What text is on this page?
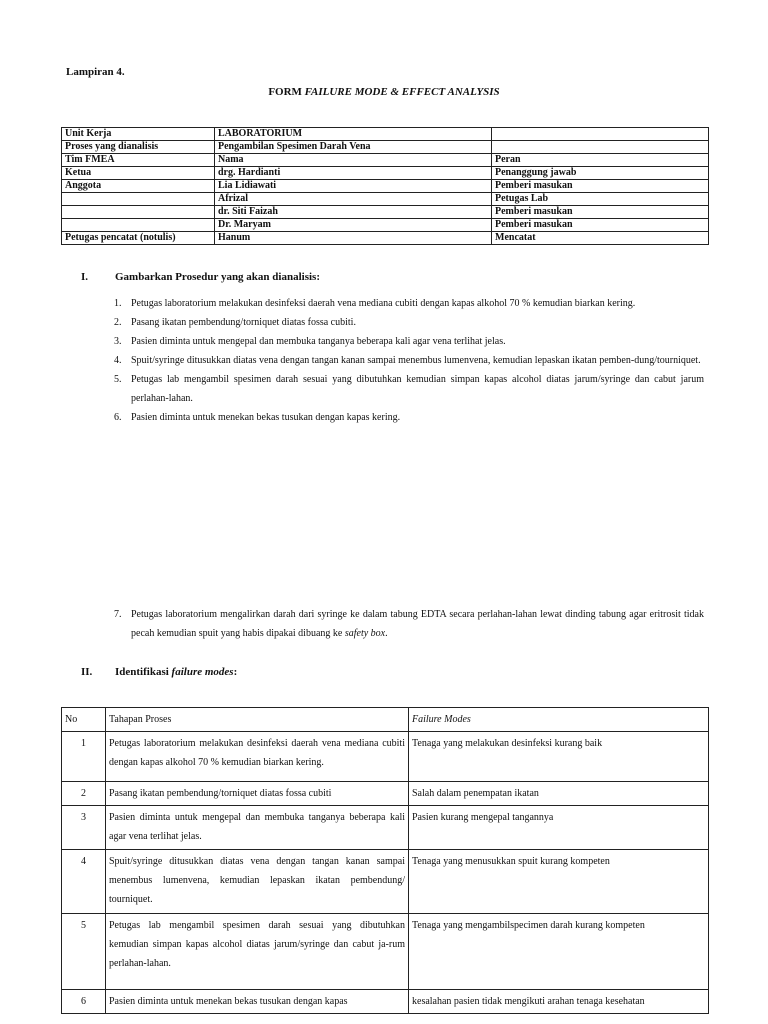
Lampiran 4.
FORM FAILURE MODE & EFFECT ANALYSIS
Unit Kerja	LABORATORIUM	
Proses yang dianalisis	Pengambilan Spesimen Darah Vena	
Tim FMEA	Nama	Peran
Ketua	drg. Hardianti	Penanggung jawab
Anggota	Lia Lidiawati	Pemberi masukan
	Afrizal	Petugas Lab
	dr. Siti Faizah	Pemberi masukan
	Dr. Maryam	Pemberi masukan
Petugas pencatat (notulis)	Hanum	Mencatat
I. Gambarkan Prosedur yang akan dianalisis:
1. Petugas laboratorium melakukan desinfeksi daerah vena mediana cubiti dengan kapas alkohol 70 % kemudian biarkan kering.
2. Pasang ikatan pembendung/torniquet diatas fossa cubiti.
3. Pasien diminta untuk mengepal dan membuka tanganya beberapa kali agar vena terlihat jelas.
4. Spuit/syringe ditusukkan diatas vena dengan tangan kanan sampai menembus lumenvena, kemudian lepaskan ikatan pemben-dung/tourniquet.
5. Petugas lab mengambil spesimen darah sesuai yang dibutuhkan kemudian simpan kapas alcohol diatas jarum/syringe dan cabut jarum perlahan-lahan.
6. Pasien diminta untuk menekan bekas tusukan dengan kapas kering.
7. Petugas laboratorium mengalirkan darah dari syringe ke dalam tabung EDTA secara perlahan-lahan lewat dinding tabung agar eritrosit tidak pecah kemudian spuit yang habis dipakai dibuang ke safety box.
II. Identifikasi failure modes:
No	Tahapan Proses	Failure Modes
1	Petugas laboratorium melakukan desinfeksi daerah vena mediana cubiti dengan kapas alkohol 70 % kemudian biarkan kering.	Tenaga yang melakukan desinfeksi kurang baik
2	Pasang ikatan pembendung/torniquet diatas fossa cubiti	Salah dalam penempatan ikatan
3	Pasien diminta untuk mengepal dan membuka tanganya beberapa kali agar vena terlihat jelas.	Pasien kurang mengepal tangannya
4	Spuit/syringe ditusukkan diatas vena dengan tangan kanan sampai menembus lumenvena, kemudian lepaskan ikatan pembendung/ tourniquet.	Tenaga yang menusukkan spuit kurang kompeten
5	Petugas lab mengambil spesimen darah sesuai yang dibutuhkan kemudian simpan kapas alcohol diatas jarum/syringe dan cabut ja-rum perlahan-lahan.	Tenaga yang mengambilspecimen darah kurang kompeten
6	Pasien diminta untuk menekan bekas tusukan dengan kapas	kesalahan pasien tidak mengikuti arahan tenaga kesehatan
